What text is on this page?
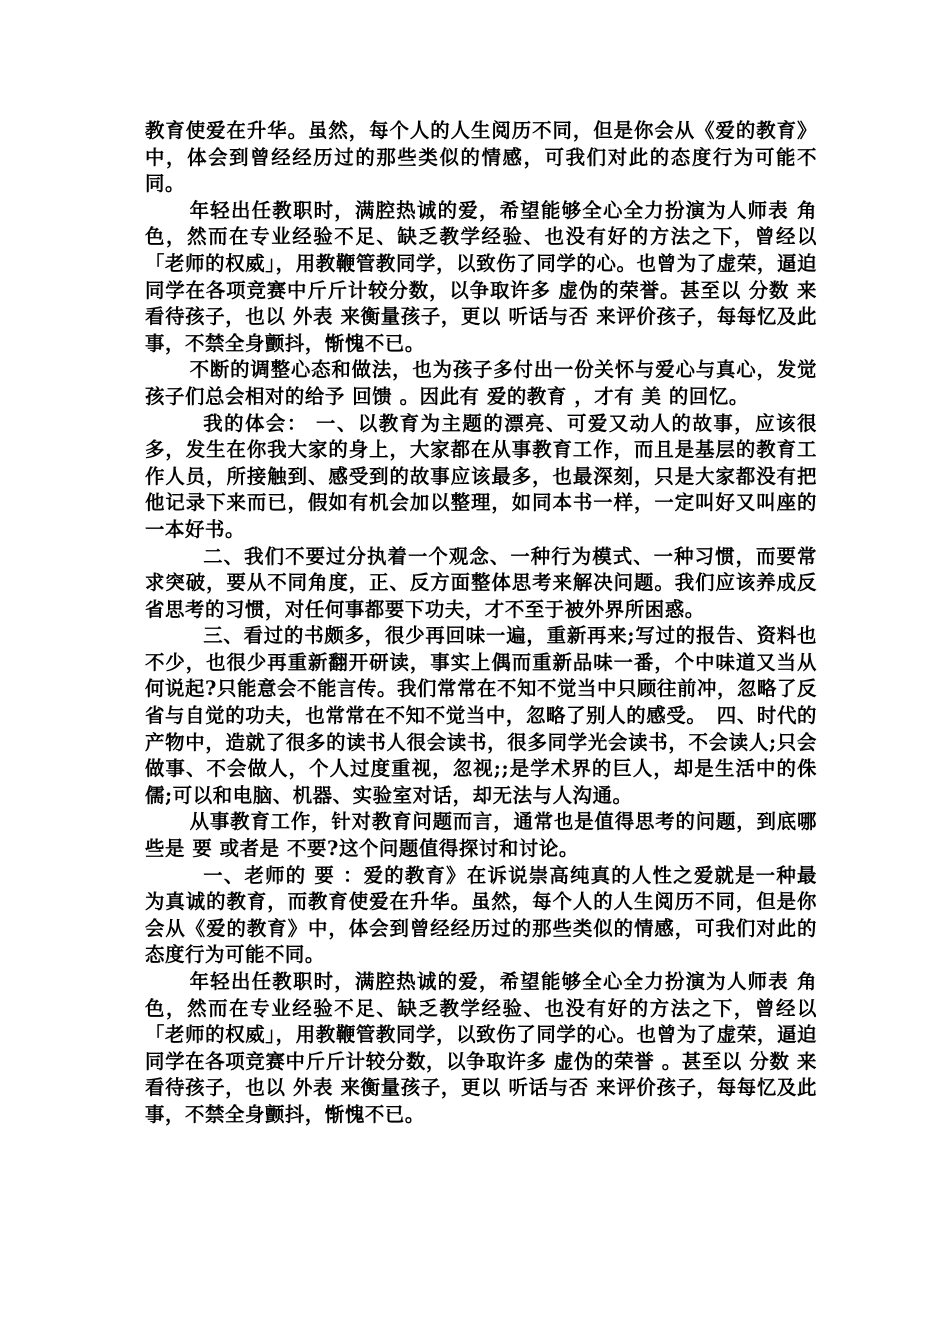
教育使爱在升华。虽然，每个人的人生阅历不同，但是你会从《爱的教育》中，体会到曾经经历过的那些类似的情感，可我们对此的态度行为可能不同。

年轻出任教职时，满腔热诚的爱，希望能够全心全力扮演为人师表 角色，然而在专业经验不足、缺乏教学经验、也没有好的方法之下，曾经以「老师的权威」，用教鞭管教同学，以致伤了同学的心。也曾为了虚荣，逼迫同学在各项竞赛中斤斤计较分数，以争取许多 虚伪的荣誉。甚至以 分数 来看待孩子，也以 外表 来衡量孩子，更以 听话与否 来评价孩子，每每忆及此事，不禁全身颤抖，惭愧不已。

不断的调整心态和做法，也为孩子多付出一份关怀与爱心与真心，发觉孩子们总会相对的给予 回馈 。因此有 爱的教育 ，才有 美 的回忆。

我的体会： 一、以教育为主题的漂亮、可爱又动人的故事，应该很多，发生在你我大家的身上，大家都在从事教育工作，而且是基层的教育工作人员，所接触到、感受到的故事应该最多，也最深刻，只是大家都没有把他记录下来而已，假如有机会加以整理，如同本书一样，一定叫好又叫座的一本好书。

二、我们不要过分执着一个观念、一种行为模式、一种习惯，而要常求突破，要从不同角度，正、反方面整体思考来解决问题。我们应该养成反省思考的习惯，对任何事都要下功夫，才不至于被外界所困惑。

三、看过的书颇多，很少再回味一遍，重新再来;写过的报告、资料也不少，也很少再重新翻开研读，事实上偶而重新品味一番，个中味道又当从何说起?只能意会不能言传。我们常常在不知不觉当中只顾往前冲，忽略了反省与自觉的功夫，也常常在不知不觉当中，忽略了别人的感受。　四、时代的产物中，造就了很多的读书人很会读书，很多同学光会读书，不会读人;只会做事、不会做人，个人过度重视，忽视;;是学术界的巨人，却是生活中的侏儒;可以和电脑、机器、实验室对话，却无法与人沟通。

从事教育工作，针对教育问题而言，通常也是值得思考的问题，到底哪些是 要 或者是 不要?这个问题值得探讨和讨论。

一、老师的 要 ：爱的教育》在诉说崇高纯真的人性之爱就是一种最为真诚的教育，而教育使爱在升华。虽然，每个人的人生阅历不同，但是你会从《爱的教育》中，体会到曾经经历过的那些类似的情感，可我们对此的态度行为可能不同。

年轻出任教职时，满腔热诚的爱，希望能够全心全力扮演为人师表 角色，然而在专业经验不足、缺乏教学经验、也没有好的方法之下，曾经以「老师的权威」，用教鞭管教同学，以致伤了同学的心。也曾为了虚荣，逼迫同学在各项竞赛中斤斤计较分数，以争取许多 虚伪的荣誉 。甚至以 分数 来看待孩子，也以 外表 来衡量孩子，更以 听话与否 来评价孩子，每每忆及此事，不禁全身颤抖，惭愧不已。
